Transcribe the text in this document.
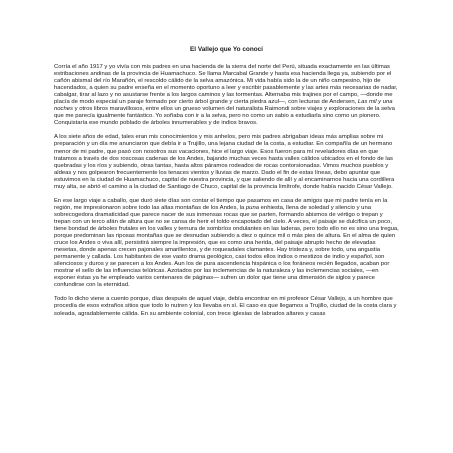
El Vallejo que Yo conocí

Corría el año 1917 y yo vivía con mis padres en una hacienda de la sierra del norte del Perú, situada exactamente en las últimas estribaciones andinas de la provincia de Huamachuco. Se llama Marcabal Grande y hasta esa hacienda llega ya, subiendo por el cañón abismal del río Marañón, el rescoldo cálido de la selva amazónica. Mi vida había sido la de un niño campesino, hijo de hacendados, a quien su padre enseña en el momento oportuno a leer y escribir pasablemente y las artes más necesarias de nadar, cabalgar, tirar al lazo y no asustarse frente a los largos caminos y las tormentas. Alternaba mis trajines por el campo, —donde me placía de modo especial un paraje formado por cierto árbol grande y cierta piedra azul—, con lecturas de Andersen, Las mil y una noches y otros libros maravillosos, entre ellos un grueso volumen del naturalista Raimondi sobre viajes y exploraciones de la selva que me parecía igualmente fantástico. Yo soñaba con ir a la selva, pero no como un sabio a estudiarla sino como un pionero. Conquistaría ese mundo poblado de árboles innumerables y de indios bravos.

A los siete años de edad, tales eran mis conocimientos y mis anhelos, pero mis padres abrigaban ideas más amplias sobre mi preparación y un día me anunciaron que debía ir a Trujillo, una lejana ciudad de la costa, a estudiar. En compañía de un hermano menor de mi padre, que pasó con nosotros sus vacaciones, hice el largo viaje. Esos fueron para mí reveladores días en que tratamos a través de dos roscosas cadenas de los Andes, bajando muchas veces hasta valles cálidos ubicados en el fondo de las quebradas y los ríos y subiendo, otras tantas, hasta altos páramos rodeados de rocas contorsionadas. Vimos muchos pueblos y aldeas y nos golpearon frecuentemente los tenaces vientos y lluvias de marzo. Dado el fin de estas líneas, debo apuntar que estuvimos en la ciudad de Huamachuco, capital de nuestra provincia, y que saliendo de allí y al encaminarnos hacia una cordillera muy alta, se abrió el camino a la ciudad de Santiago de Chuco, capital de la provincia limítrofe, donde había nacido César Vallejo.

En ese largo viaje a caballo, que duró siete días son contar el tiempo que pasamos en casa de amigos que mi padre tenía en la región, me impresionaron sobre todo las altas montañas de los Andes, la puna enhiesta, llena de soledad y silencio y una sobrecogedora dramaticidad que parece nacer de sus inmensas rocas que se parten, formando abismos de vértigo o trepan y trepan con un terco afán de altura que no se cansa de herir el toldo encapotado del cielo. A veces, el paisaje se dulcifica un poco, tiene bondad de árboles frutales en los valles y ternura de sombríos ondulantes en las laderas, pero todo ello no es sino una tregua, porque predominan las riposas montañas que se desnudan subiendo a diez o quince mil o más pies de altura. En el alma de quien cruce los Andes o viva allí, persistirá siempre la impresión, que es como una herida, del paisaje abrupto hecho de elevadas mesetas, donde apenas crecen pajonales amarillentos, y de roqueadales clamantes. Hay tristeza y, sobre todo, una angustia permanente y callada. Los habitantes de ese vasto drama geológico, casi todos ellos indios o mestizos de indio y español, son silenciosos y duros y se parecen a los Andes. Aun los de pura ascendencia hispánica o los foráneos recién llegados, acaban por mostrar el sello de las influencias telúricas. Azotados por las inclemencias de la naturaleza y las inclemencias sociales, —en exponer éstas ya he empleado varios centenares de páginas— sufren un dolor que tiene una dimensión de siglos y parece confundirse con la eternidad.

Todo lo dicho viene a cuento porque, días después de aquel viaje, debía encontrar en mi profesor César Vallejo, a un hombre que procedía de esos extraños sitios que todo lo nutren y los llevaba en sí. El caso es que llegamos a Trujillo, ciudad de la costa clara y soleada, agradablemente cálida. En su ambiente colonial, con trece iglesias de labrados altares y casas
